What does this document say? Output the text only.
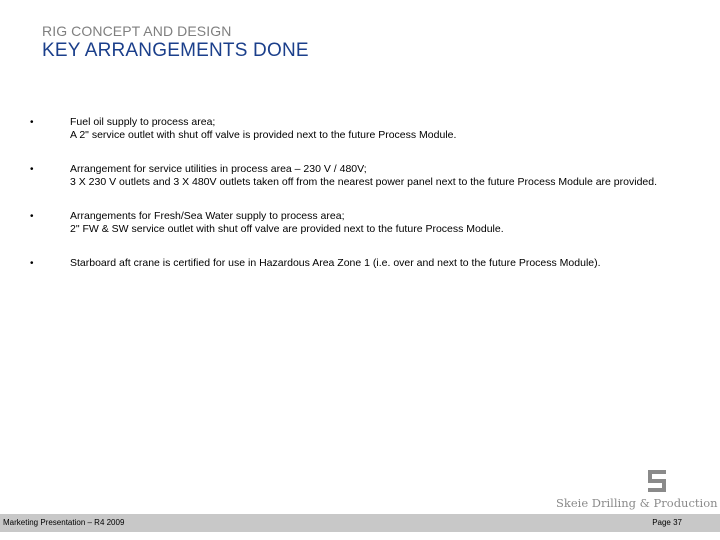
RIG CONCEPT AND DESIGN
KEY ARRANGEMENTS DONE
•	Fuel oil supply to process area;
A 2" service outlet with shut off valve is provided next to the future Process Module.
•	Arrangement for service utilities in process area – 230 V / 480V;
3 X 230 V outlets and 3 X 480V outlets taken off from the nearest power panel next to the future Process Module are provided.
•	Arrangements for Fresh/Sea Water supply to process area;
2" FW & SW service outlet with shut off valve are provided next to the future Process Module.
•	Starboard aft crane is certified for use in Hazardous Area Zone 1 (i.e. over and next to the future Process Module).
Skeie Drilling & Production
Marketing Presentation – R4 2009	Page 37
